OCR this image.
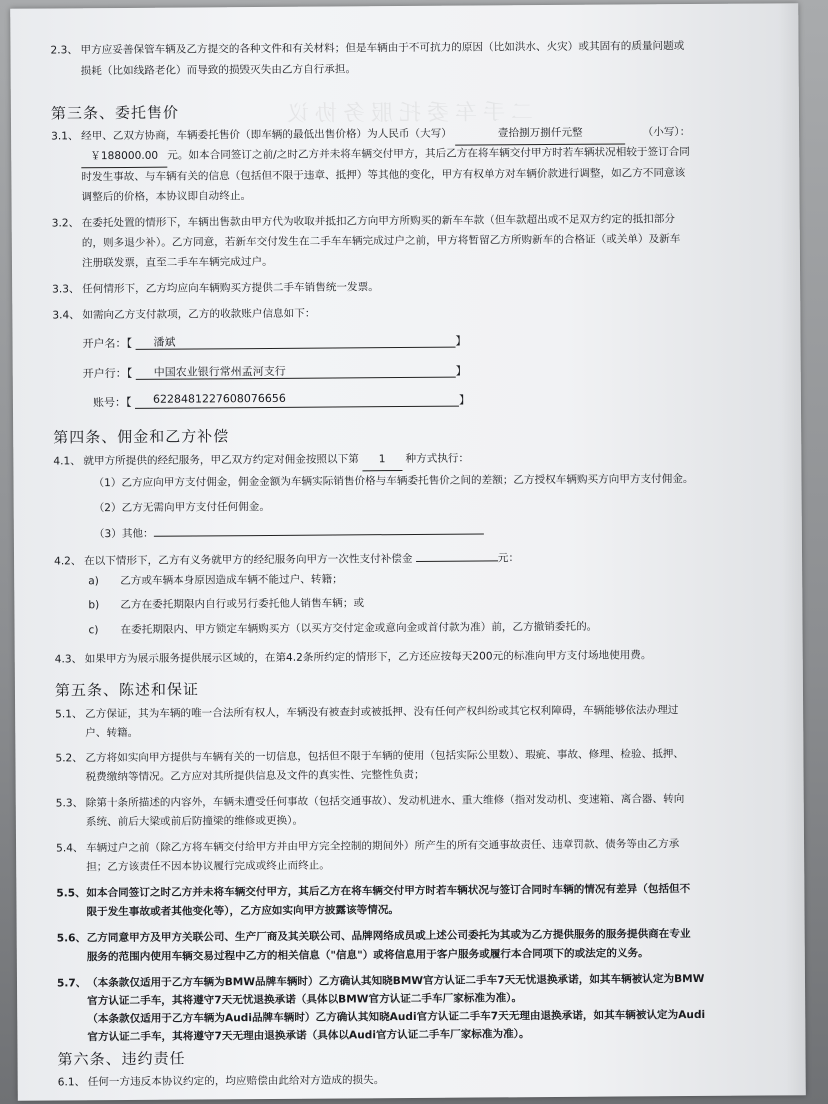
二手车委托服务协议
2.3、 甲方应妥善保管车辆及乙方提交的各种文件和有关材料；但是车辆由于不可抗力的原因（比如洪水、火灾）或其固有的质量问题或
损耗（比如线路老化）而导致的损毁灭失由乙方自行承担。
第三条、委托售价
3.1、 经甲、乙双方协商，车辆委托售价（即车辆的最低出售价格）为人民币（大写）	壹拾捌万捌仟元整	（小写）：
￥188000.00 元。如本合同签订之前/之时乙方并未将车辆交付甲方，其后乙方在将车辆交付甲方时若车辆状况相较于签订合同
时发生事故、与车辆有关的信息（包括但不限于违章、抵押）等其他的变化，甲方有权单方对车辆价款进行调整，如乙方不同意该
调整后的价格，本协议即自动终止。
3.2、 在委托处置的情形下，车辆出售款由甲方代为收取并抵扣乙方向甲方所购买的新车车款（但车款超出或不足双方约定的抵扣部分
的，则多退少补）。乙方同意，若新车交付发生在二手车车辆完成过户之前，甲方将暂留乙方所购新车的合格证（或关单）及新车
注册联发票，直至二手车车辆完成过户。
3.3、 任何情形下，乙方均应向车辆购买方提供二手车销售统一发票。
3.4、 如需向乙方支付款项，乙方的收款账户信息如下：
开户名：【 潘斌	】
开户行：【 中国农业银行常州孟河支行	】
账号：【 6228481227608076656	】
第四条、佣金和乙方补偿
4.1、 就甲方所提供的经纪服务，甲乙双方约定对佣金按照以下第 1 种方式执行：
（1）乙方应向甲方支付佣金，佣金金额为车辆实际销售价格与车辆委托售价之间的差额；乙方授权车辆购买方向甲方支付佣金。
（2）乙方无需向甲方支付任何佣金。
（3）其他：
4.2、 在以下情形下，乙方有义务就甲方的经纪服务向甲方一次性支付补偿金	元：
a) 乙方或车辆本身原因造成车辆不能过户、转籍；
b) 乙方在委托期限内自行或另行委托他人销售车辆；或
c) 在委托期限内、甲方锁定车辆购买方（以买方交付定金或意向金或首付款为准）前，乙方撤销委托的。
4.3、 如果甲方为展示服务提供展示区域的，在第4.2条所约定的情形下，乙方还应按每天200元的标准向甲方支付场地使用费。
第五条、陈述和保证
5.1、 乙方保证，其为车辆的唯一合法所有权人，车辆没有被查封或被抵押、没有任何产权纠纷或其它权利障碍，车辆能够依法办理过
户、转籍。
5.2、 乙方将如实向甲方提供与车辆有关的一切信息，包括但不限于车辆的使用（包括实际公里数）、瑕疵、事故、修理、检验、抵押、
税费缴纳等情况。乙方应对其所提供信息及文件的真实性、完整性负责；
5.3、 除第十条所描述的内容外，车辆未遭受任何事故（包括交通事故）、发动机进水、重大维修（指对发动机、变速箱、离合器、转向
系统、前后大梁或前后防撞梁的维修或更换）。
5.4、 车辆过户之前（除乙方将车辆交付给甲方并由甲方完全控制的期间外）所产生的所有交通事故责任、违章罚款、债务等由乙方承
担；乙方该责任不因本协议履行完成或终止而终止。
5.5、如本合同签订之时乙方并未将车辆交付甲方，其后乙方在将车辆交付甲方时若车辆状况与签订合同时车辆的情况有差异（包括但不
限于发生事故或者其他变化等），乙方应如实向甲方披露该等情况。
5.6、乙方同意甲方及甲方关联公司、生产厂商及其关联公司、品牌网络成员或上述公司委托为其或为乙方提供服务的服务提供商在专业
服务的范围内使用车辆交易过程中乙方的相关信息（"信息"）或将信息用于客户服务或履行本合同项下的或法定的义务。
5.7、（本条款仅适用于乙方车辆为BMW品牌车辆时）乙方确认其知晓BMW官方认证二手车7天无忧退换承诺，如其车辆被认定为BMW
官方认证二手车，其将遵守7天无忧退换承诺（具体以BMW官方认证二手车厂家标准为准）。
（本条款仅适用于乙方车辆为Audi品牌车辆时）乙方确认其知晓Audi官方认证二手车7天无理由退换承诺，如其车辆被认定为Audi
官方认证二手车，其将遵守7天无理由退换承诺（具体以Audi官方认证二手车厂家标准为准）。
第六条、违约责任
6.1、 任何一方违反本协议约定的，均应赔偿由此给对方造成的损失。
